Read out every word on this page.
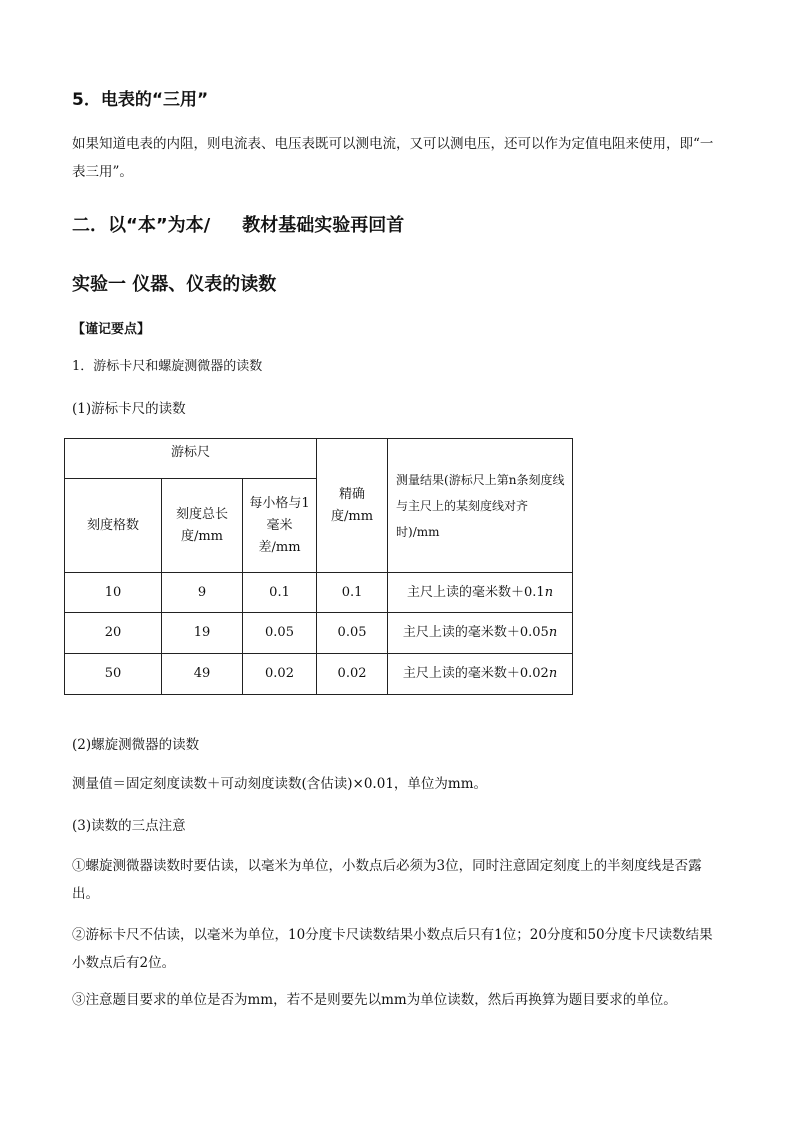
5．电表的“三用”
如果知道电表的内阻，则电流表、电压表既可以测电流，又可以测电压，还可以作为定值电阻来使用，即“一表三用”。
二．以“本”为本/ 教材基础实验再回首
实验一 仪器、仪表的读数
【谨记要点】
1．游标卡尺和螺旋测微器的读数
(1)游标卡尺的读数
游标尺			精确度/mm	测量结果(游标尺上第n条刻度线与主尺上的某刻度线对齐时)/mm
刻度格数	刻度总长度/mm	每小格与1毫米差/mm		
10	9	0.1	0.1	主尺上读的毫米数＋0.1n
20	19	0.05	0.05	主尺上读的毫米数＋0.05n
50	49	0.02	0.02	主尺上读的毫米数＋0.02n
(2)螺旋测微器的读数
测量值＝固定刻度读数＋可动刻度读数(含估读)×0.01，单位为mm。
(3)读数的三点注意
①螺旋测微器读数时要估读，以毫米为单位，小数点后必须为3位，同时注意固定刻度上的半刻度线是否露出。
②游标卡尺不估读，以毫米为单位，10分度卡尺读数结果小数点后只有1位；20分度和50分度卡尺读数结果小数点后有2位。
③注意题目要求的单位是否为mm，若不是则要先以mm为单位读数，然后再换算为题目要求的单位。
